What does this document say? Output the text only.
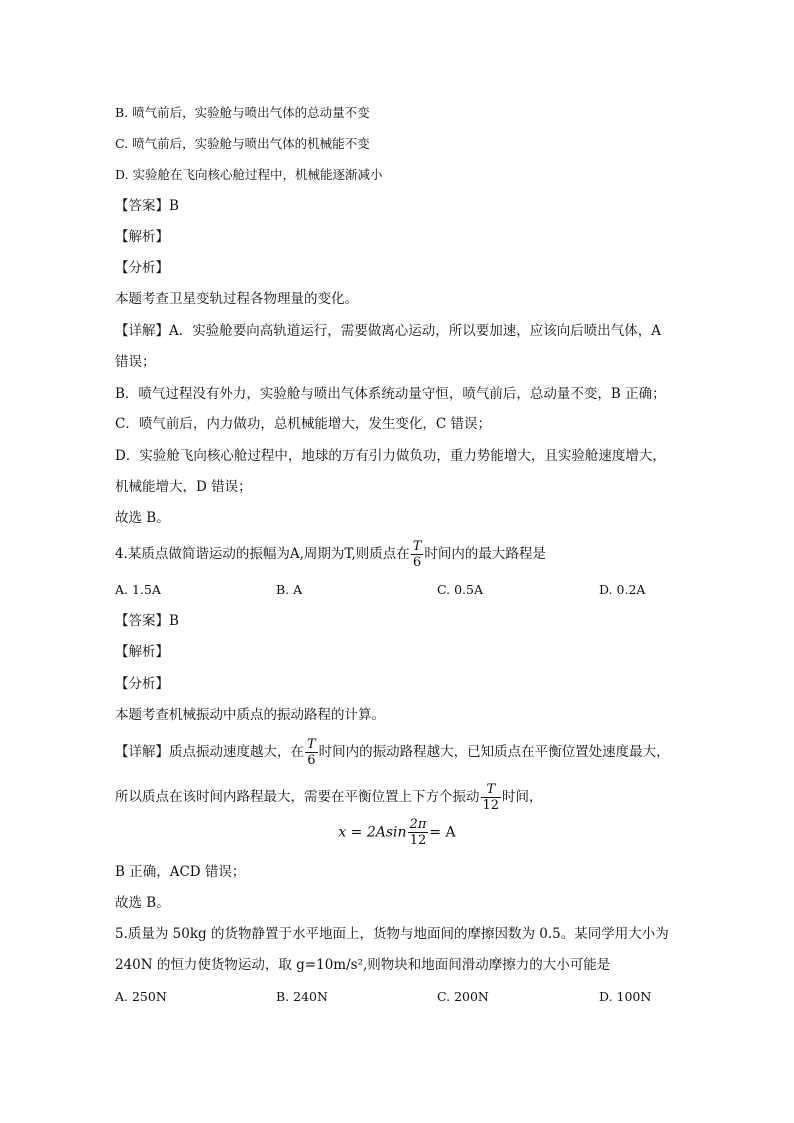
B. 喷气前后，实验舱与喷出气体的总动量不变
C. 喷气前后，实验舱与喷出气体的机械能不变
D. 实验舱在飞向核心舱过程中，机械能逐渐减小
【答案】B
【解析】
【分析】
本题考查卫星变轨过程各物理量的变化。
【详解】A．实验舱要向高轨道运行，需要做离心运动，所以要加速，应该向后喷出气体，A
错误；
B．喷气过程没有外力，实验舱与喷出气体系统动量守恒，喷气前后，总动量不变，B 正确；
C．喷气前后，内力做功，总机械能增大，发生变化，C 错误；
D．实验舱飞向核心舱过程中，地球的万有引力做负功，重力势能增大，且实验舱速度增大，
机械能增大，D 错误；
故选 B。
4.某质点做简谐运动的振幅为A,周期为T,则质点在 $\frac{T}{6}$ 时间内的最大路程是
A. 1.5A	B. A	C. 0.5A	D. 0.2A
【答案】B
【解析】
【分析】
本题考查机械振动中质点的振动路程的计算。
【详解】质点振动速度越大，在 $\frac{T}{6}$ 时间内的振动路程越大，已知质点在平衡位置处速度最大，
所以质点在该时间内路程最大，需要在平衡位置上下方个振动 $\frac{T}{12}$ 时间，
$x = 2Asin \frac{2\pi}{12} = A$
B 正确，ACD 错误；
故选 B。
5.质量为 50kg 的货物静置于水平地面上，货物与地面间的摩擦因数为 0.5。某同学用大小为
240N 的恒力使货物运动，取 g=10m/s²,则物块和地面间滑动摩擦力的大小可能是
A. 250N	B. 240N	C. 200N	D. 100N
